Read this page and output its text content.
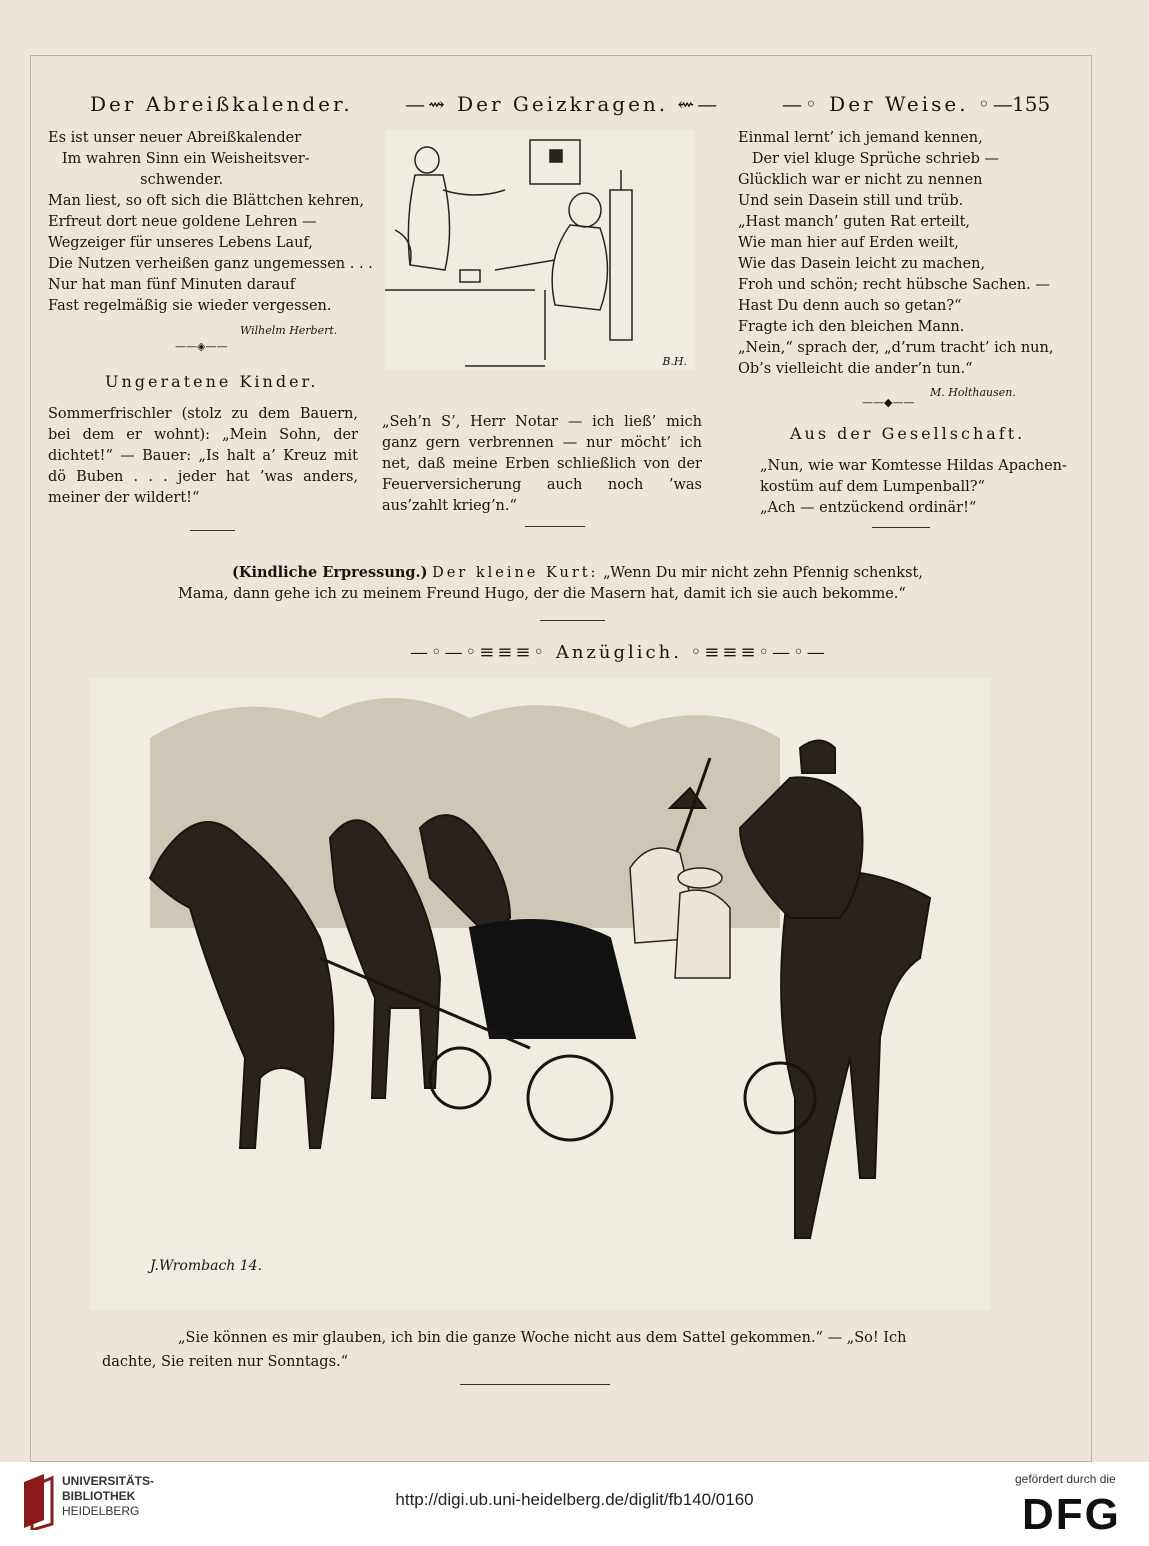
Der Abreißkalender.	—⇝ Der Geizkragen. ⇜—	—◦ Der Weise. ◦—
155
Es ist unser neuer Abreißkalender
Im wahren Sinn ein Weisheitsver-
schwender.
Man liest, so oft sich die Blättchen kehren,
Erfreut dort neue goldene Lehren —
Wegzeiger für unseres Lebens Lauf,
Die Nutzen verheißen ganz ungemessen . . .
Nur hat man fünf Minuten darauf
Fast regelmäßig sie wieder vergessen.
Wilhelm Herbert.
——◈——
Ungeratene Kinder.
Sommerfrischler (stolz zu dem Bauern, bei dem er wohnt): „Mein Sohn, der dichtet!“ — Bauer: „Is halt a’ Kreuz mit dö Buben . . . jeder hat ’was anders, meiner der wildert!“
B.H.
„Seh’n S’, Herr Notar — ich ließ’ mich ganz gern verbrennen — nur möcht’ ich net, daß meine Erben schließlich von der Feuerversicherung auch noch ’was aus’zahlt krieg’n.“
Einmal lernt’ ich jemand kennen,
Der viel kluge Sprüche schrieb —
Glücklich war er nicht zu nennen
Und sein Dasein still und trüb.
„Hast manch’ guten Rat erteilt,
Wie man hier auf Erden weilt,
Wie das Dasein leicht zu machen,
Froh und schön; recht hübsche Sachen. —
Hast Du denn auch so getan?“
Fragte ich den bleichen Mann.
„Nein,“ sprach der, „d’rum tracht’ ich nun,
Ob’s vielleicht die ander’n tun.“
M. Holthausen.
——◆——
Aus der Gesellschaft.
„Nun, wie war Komtesse Hildas Apachen-
kostüm auf dem Lumpenball?“
„Ach — entzückend ordinär!“
(Kindliche Erpressung.) Der kleine Kurt: „Wenn Du mir nicht zehn Pfennig schenkst,
Mama, dann gehe ich zu meinem Freund Hugo, der die Masern hat, damit ich sie auch bekomme.“
—◦—◦≡≡≡◦ Anzüglich. ◦≡≡≡◦—◦—
J.Wrombach 14.
„Sie können es mir glauben, ich bin die ganze Woche nicht aus dem Sattel gekommen.“ — „So! Ich
dachte, Sie reiten nur Sonntags.“
UNIVERSITÄTS-
BIBLIOTHEK
HEIDELBERG
http://digi.ub.uni-heidelberg.de/diglit/fb140/0160
gefördert durch die
DFG
